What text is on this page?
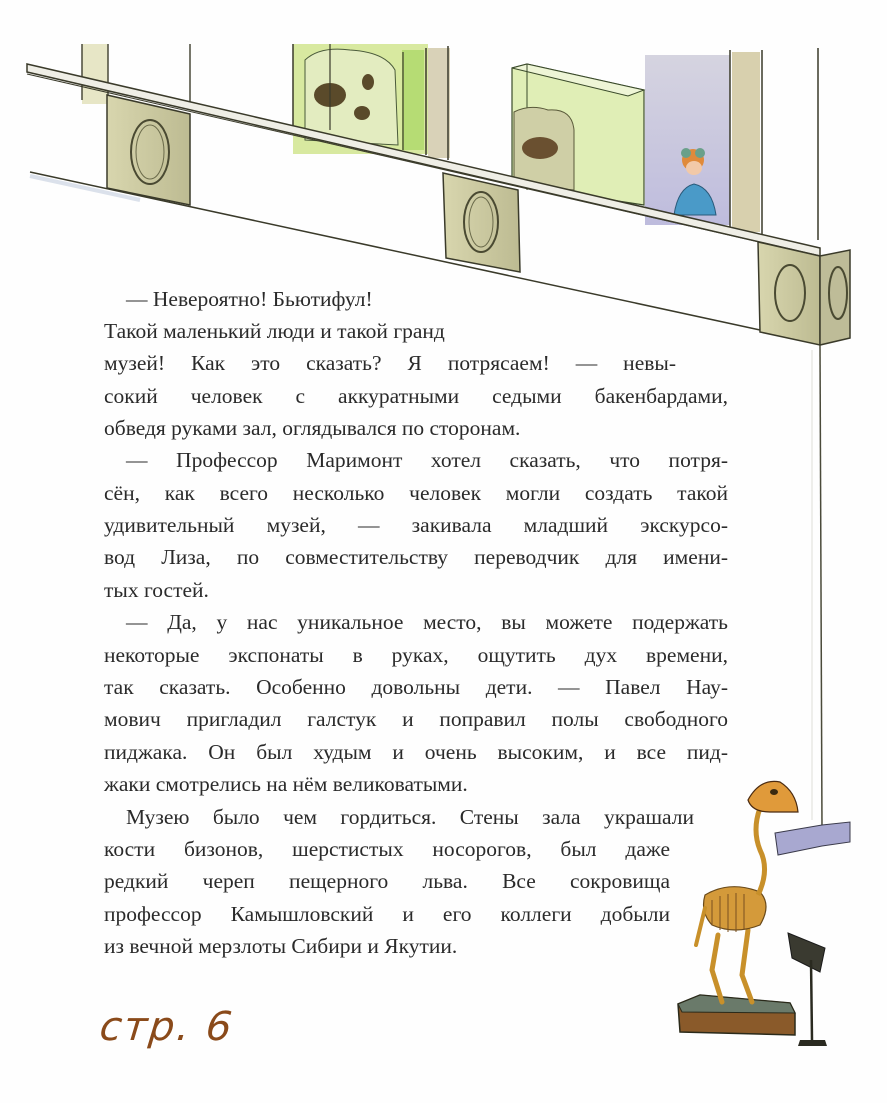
— Невероятно! Бьютифул!
Такой маленький люди и такой гранд
музей! Как это сказать? Я потрясаем! — невы-
сокий человек с аккуратными седыми бакенбардами,
обведя руками зал, оглядывался по сторонам.
— Профессор Маримонт хотел сказать, что потря-
сён, как всего несколько человек могли создать такой
удивительный музей, — закивала младший экскурсо-
вод Лиза, по совместительству переводчик для имени-
тых гостей.
— Да, у нас уникальное место, вы можете подержать
некоторые экспонаты в руках, ощутить дух времени,
так сказать. Особенно довольны дети. — Павел Нау-
мович пригладил галстук и поправил полы свободного
пиджака. Он был худым и очень высоким, и все пид-
жаки смотрелись на нём великоватыми.
Музею было чем гордиться. Стены зала украшали
кости бизонов, шерстистых носорогов, был даже
редкий череп пещерного льва. Все сокровища
профессор Камышловский и его коллеги добыли
из вечной мерзлоты Сибири и Якутии.
стр. 6
